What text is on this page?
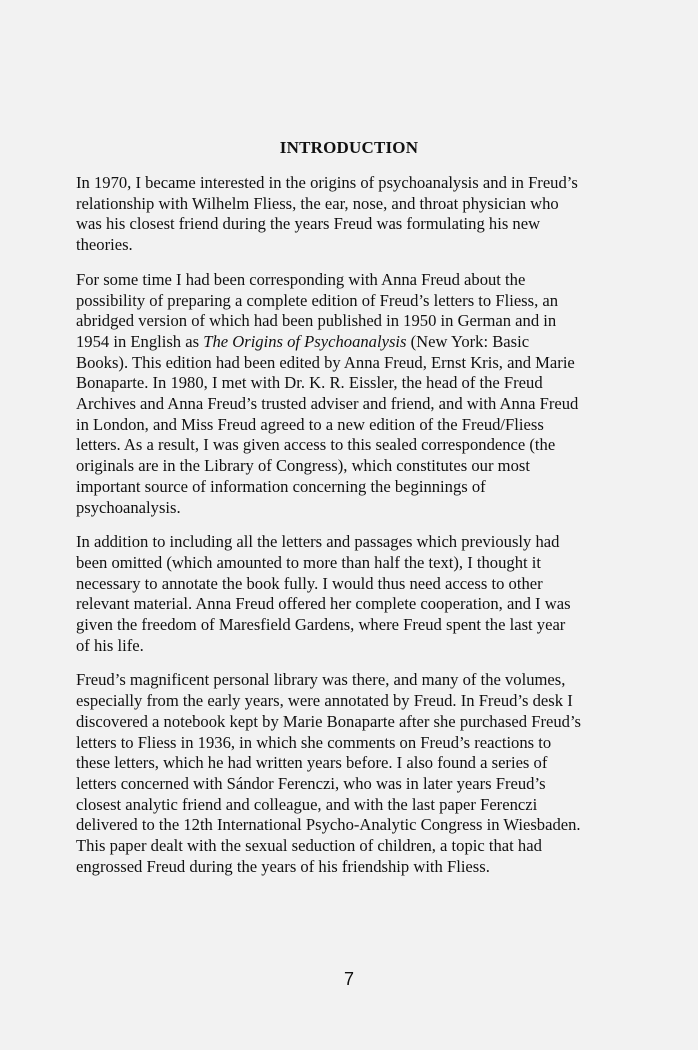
INTRODUCTION

In 1970, I became interested in the origins of psychoanalysis and in Freud’s
relationship with Wilhelm Fliess, the ear, nose, and throat physician who
was his closest friend during the years Freud was formulating his new
theories.

For some time I had been corresponding with Anna Freud about the
possibility of preparing a complete edition of Freud’s letters to Fliess, an
abridged version of which had been published in 1950 in German and in
1954 in English as The Origins of Psychoanalysis (New York: Basic
Books). This edition had been edited by Anna Freud, Ernst Kris, and Marie
Bonaparte. In 1980, I met with Dr. K. R. Eissler, the head of the Freud
Archives and Anna Freud’s trusted adviser and friend, and with Anna Freud
in London, and Miss Freud agreed to a new edition of the Freud/Fliess
letters. As a result, I was given access to this sealed correspondence (the
originals are in the Library of Congress), which constitutes our most
important source of information concerning the beginnings of
psychoanalysis.

In addition to including all the letters and passages which previously had
been omitted (which amounted to more than half the text), I thought it
necessary to annotate the book fully. I would thus need access to other
relevant material. Anna Freud offered her complete cooperation, and I was
given the freedom of Maresfield Gardens, where Freud spent the last year
of his life.

Freud’s magnificent personal library was there, and many of the volumes,
especially from the early years, were annotated by Freud. In Freud’s desk I
discovered a notebook kept by Marie Bonaparte after she purchased Freud’s
letters to Fliess in 1936, in which she comments on Freud’s reactions to
these letters, which he had written years before. I also found a series of
letters concerned with Sándor Ferenczi, who was in later years Freud’s
closest analytic friend and colleague, and with the last paper Ferenczi
delivered to the 12th International Psycho-Analytic Congress in Wiesbaden.
This paper dealt with the sexual seduction of children, a topic that had
engrossed Freud during the years of his friendship with Fliess.

7
